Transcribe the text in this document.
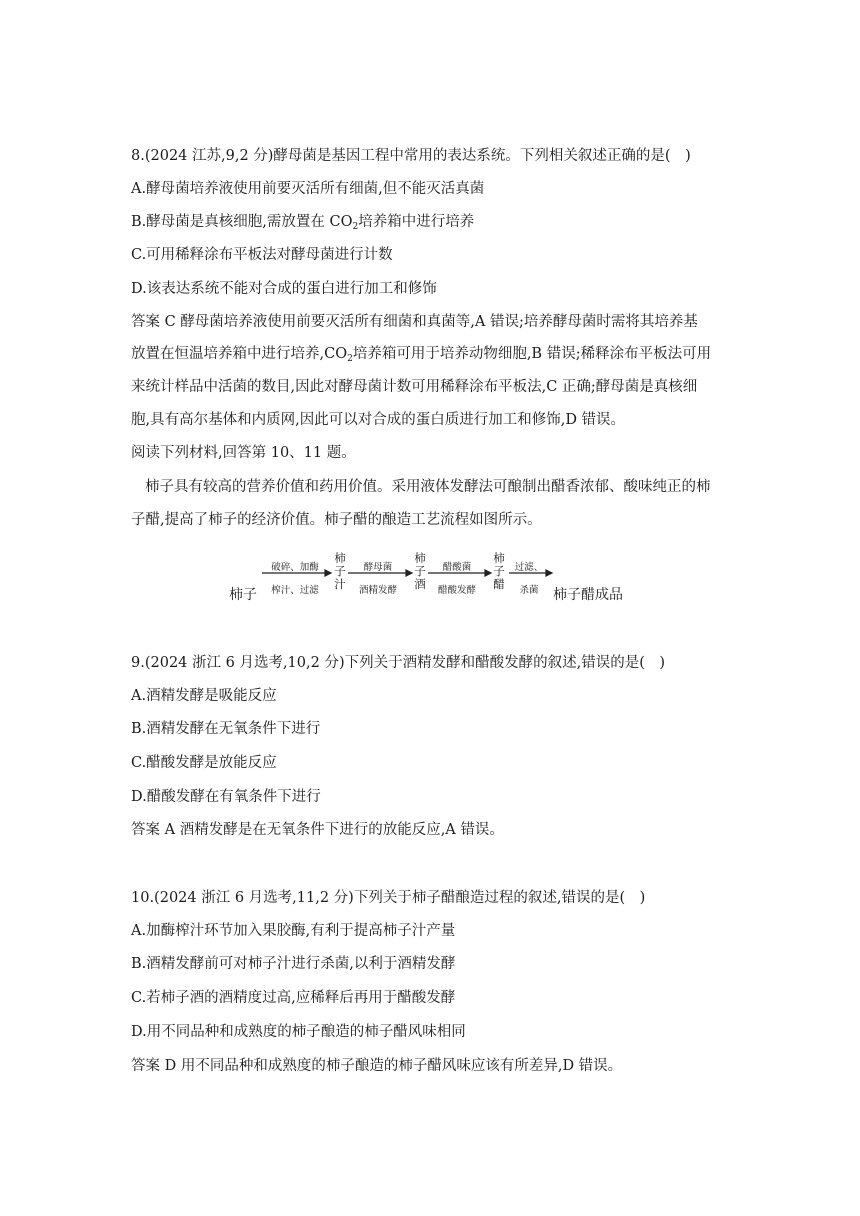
8.(2024 江苏,9,2 分)酵母菌是基因工程中常用的表达系统。下列相关叙述正确的是(　)
A.酵母菌培养液使用前要灭活所有细菌,但不能灭活真菌
B.酵母菌是真核细胞,需放置在 $CO_2$培养箱中进行培养
C.可用稀释涂布平板法对酵母菌进行计数
D.该表达系统不能对合成的蛋白进行加工和修饰
答案 C 酵母菌培养液使用前要灭活所有细菌和真菌等,A 错误;培养酵母菌时需将其培养基
放置在恒温培养箱中进行培养$,CO_2$培养箱可用于培养动物细胞,B 错误;稀释涂布平板法可用
来统计样品中活菌的数目,因此对酵母菌计数可用稀释涂布平板法,C 正确;酵母菌是真核细
胞,具有高尔基体和内质网,因此可以对合成的蛋白质进行加工和修饰,D 错误。
阅读下列材料,回答第 10、11 题。
柿子具有较高的营养价值和药用价值。采用液体发酵法可酿制出醋香浓郁、酸味纯正的柿
子醋,提高了柿子的经济价值。柿子醋的酿造工艺流程如图所示。
柿子
破碎、加酶
榨汁、过滤
柿
子
汁
酵母菌
酒精发酵
柿
子
酒
醋酸菌
醋酸发酵
柿
子
醋
过滤、
杀菌	柿子醋成品
9.(2024 浙江 6 月选考,10,2 分)下列关于酒精发酵和醋酸发酵的叙述,错误的是(　)
A.酒精发酵是吸能反应
B.酒精发酵在无氧条件下进行
C.醋酸发酵是放能反应
D.醋酸发酵在有氧条件下进行
答案 A 酒精发酵是在无氧条件下进行的放能反应,A 错误。
10.(2024 浙江 6 月选考,11,2 分)下列关于柿子醋酿造过程的叙述,错误的是(　)
A.加酶榨汁环节加入果胶酶,有利于提高柿子汁产量
B.酒精发酵前可对柿子汁进行杀菌,以利于酒精发酵
C.若柿子酒的酒精度过高,应稀释后再用于醋酸发酵
D.用不同品种和成熟度的柿子酿造的柿子醋风味相同
答案 D 用不同品种和成熟度的柿子酿造的柿子醋风味应该有所差异,D 错误。
